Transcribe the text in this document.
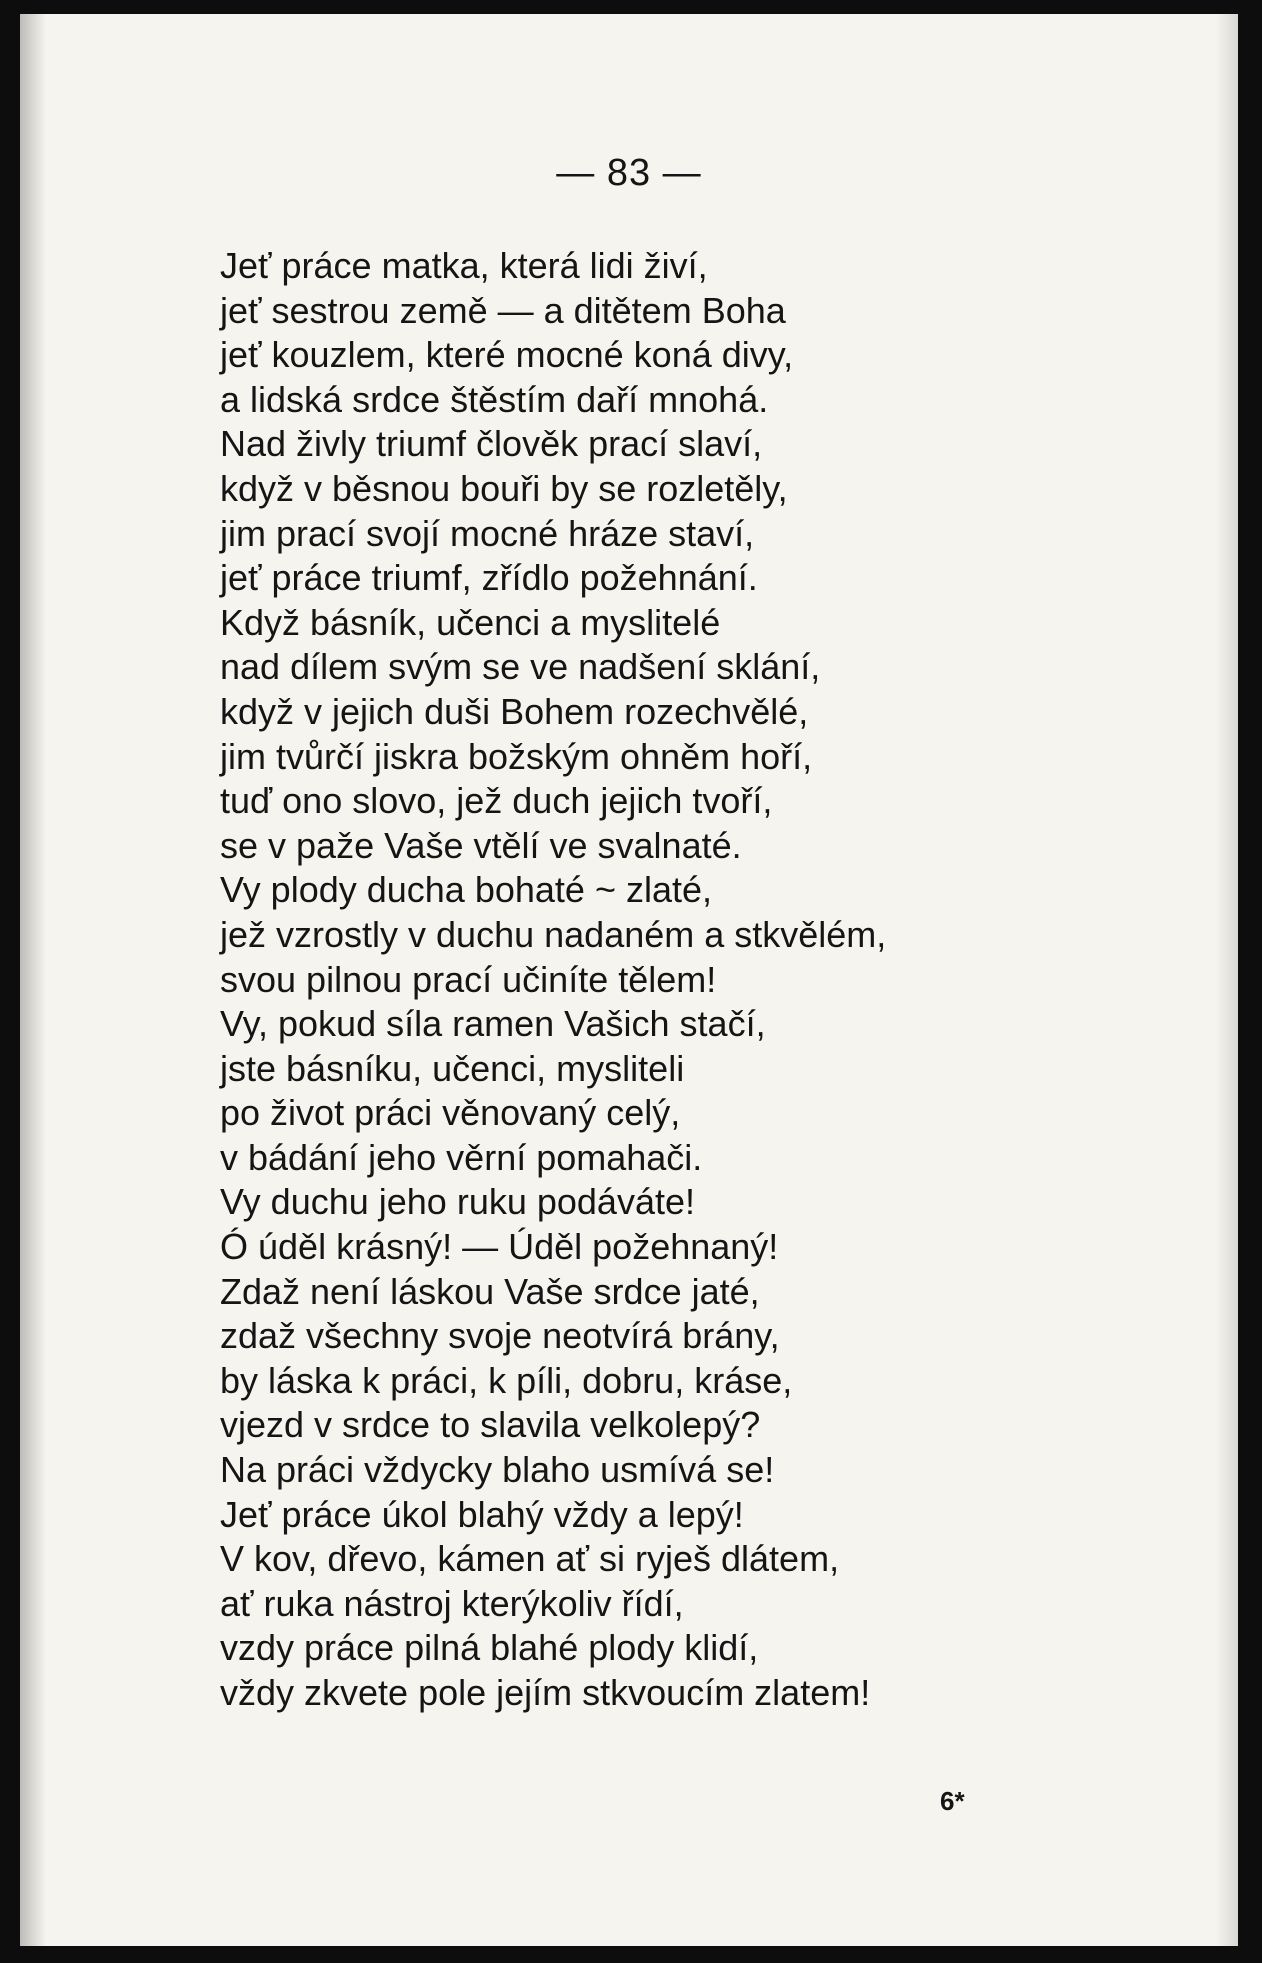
— 83 —
Jeť práce matka, která lidi živí,
jeť sestrou země — a ditětem Boha
jeť kouzlem, které mocné koná divy,
a lidská srdce štěstím daří mnohá.
Nad živly triumf člověk prací slaví,
když v běsnou bouři by se rozletěly,
jim prací svojí mocné hráze staví,
jeť práce triumf, zřídlo požehnání.
Když básník, učenci a myslitelé
nad dílem svým se ve nadšení sklání,
když v jejich duši Bohem rozechvělé,
jim tvůrčí jiskra božským ohněm hoří,
tuď ono slovo, jež duch jejich tvoří,
se v paže Vaše vtělí ve svalnaté.
Vy plody ducha bohaté ~ zlaté,
jež vzrostly v duchu nadaném a stkvělém,
svou pilnou prací učiníte tělem!
Vy, pokud síla ramen Vašich stačí,
jste básníku, učenci, mysliteli
po život práci věnovaný celý,
v bádání jeho věrní pomahači.
Vy duchu jeho ruku podáváte!
Ó úděl krásný! — Úděl požehnaný!
Zdaž není láskou Vaše srdce jaté,
zdaž všechny svoje neotvírá brány,
by láska k práci, k píli, dobru, kráse,
vjezd v srdce to slavila velkolepý?
Na práci vždycky blaho usmívá se!
Jeť práce úkol blahý vždy a lepý!
V kov, dřevo, kámen ať si ryješ dlátem,
ať ruka nástroj kterýkoliv řídí,
vzdy práce pilná blahé plody klidí,
vždy zkvete pole jejím stkvoucím zlatem!
6*
